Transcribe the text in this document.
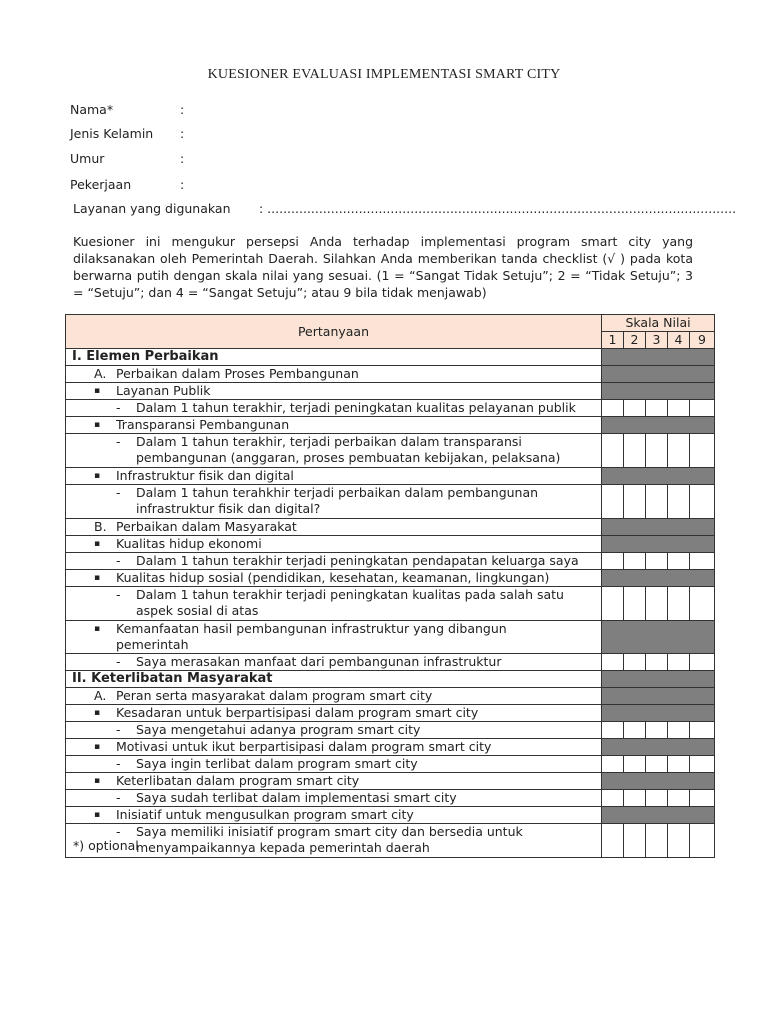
KUESIONER EVALUASI IMPLEMENTASI SMART CITY
Nama*	:
Jenis Kelamin :
Umur	:
Pekerjaan	:
Layanan yang digunakan : ......................................................................................................................
Kuesioner ini mengukur persepsi Anda terhadap implementasi program smart city yang dilaksanakan oleh Pemerintah Daerah. Silahkan Anda memberikan tanda checklist (√ ) pada kota berwarna putih dengan skala nilai yang sesuai. (1 = “Sangat Tidak Setuju”; 2 = “Tidak Setuju”; 3 = “Setuju”; dan 4 = “Sangat Setuju”; atau 9 bila tidak menjawab)
Pertanyaan	Skala Nilai				
	1	2	3	4	9
I. Elemen Perbaikan					
A. Perbaikan dalam Proses Pembangunan					
▪ Layanan Publik					
- Dalam 1 tahun terakhir, terjadi peningkatan kualitas pelayanan publik					
▪ Transparansi Pembangunan					
- Dalam 1 tahun terakhir, terjadi perbaikan dalam transparansi pembangunan (anggaran, proses pembuatan kebijakan, pelaksana)					
▪ Infrastruktur fisik dan digital					
- Dalam 1 tahun terahkhir terjadi perbaikan dalam pembangunan infrastruktur fisik dan digital?					
B. Perbaikan dalam Masyarakat					
▪ Kualitas hidup ekonomi					
- Dalam 1 tahun terakhir terjadi peningkatan pendapatan keluarga saya					
▪ Kualitas hidup sosial (pendidikan, kesehatan, keamanan, lingkungan)					
- Dalam 1 tahun terakhir terjadi peningkatan kualitas pada salah satu aspek sosial di atas					
▪ Kemanfaatan hasil pembangunan infrastruktur yang dibangun pemerintah					
- Saya merasakan manfaat dari pembangunan infrastruktur					
II. Keterlibatan Masyarakat					
A. Peran serta masyarakat dalam program smart city					
▪ Kesadaran untuk berpartisipasi dalam program smart city					
- Saya mengetahui adanya program smart city					
▪ Motivasi untuk ikut berpartisipasi dalam program smart city					
- Saya ingin terlibat dalam program smart city					
▪ Keterlibatan dalam program smart city					
- Saya sudah terlibat dalam implementasi smart city					
▪ Inisiatif untuk mengusulkan program smart city					
- Saya memiliki inisiatif program smart city dan bersedia untuk menyampaikannya kepada pemerintah daerah					
*) optional
